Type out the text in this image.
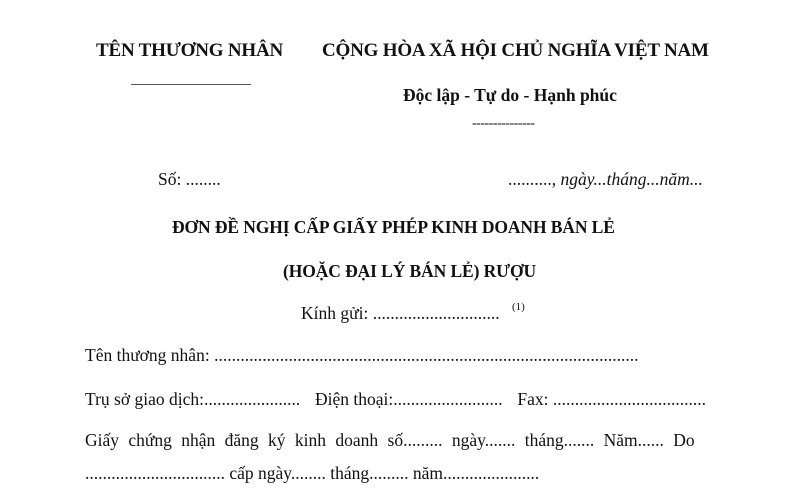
TÊN THƯƠNG NHÂN CỘNG HÒA XÃ HỘI CHỦ NGHĨA VIỆT NAM
Độc lập - Tự do - Hạnh phúc
---------------
Số: ........	.........., ngày...tháng...năm...
ĐƠN ĐỀ NGHỊ CẤP GIẤY PHÉP KINH DOANH BÁN LẺ
(HOẶC ĐẠI LÝ BÁN LẺ) RƯỢU
Kính gửi: ............................. $^{(1)}$
Tên thương nhân: .................................................................................................
Trụ sở giao dịch:...................... Điện thoại:......................... Fax: ...................................
Giấy chứng nhận đăng ký kinh doanh số......... ngày....... tháng....... Năm...... Do
................................ cấp ngày........ tháng......... năm......................
